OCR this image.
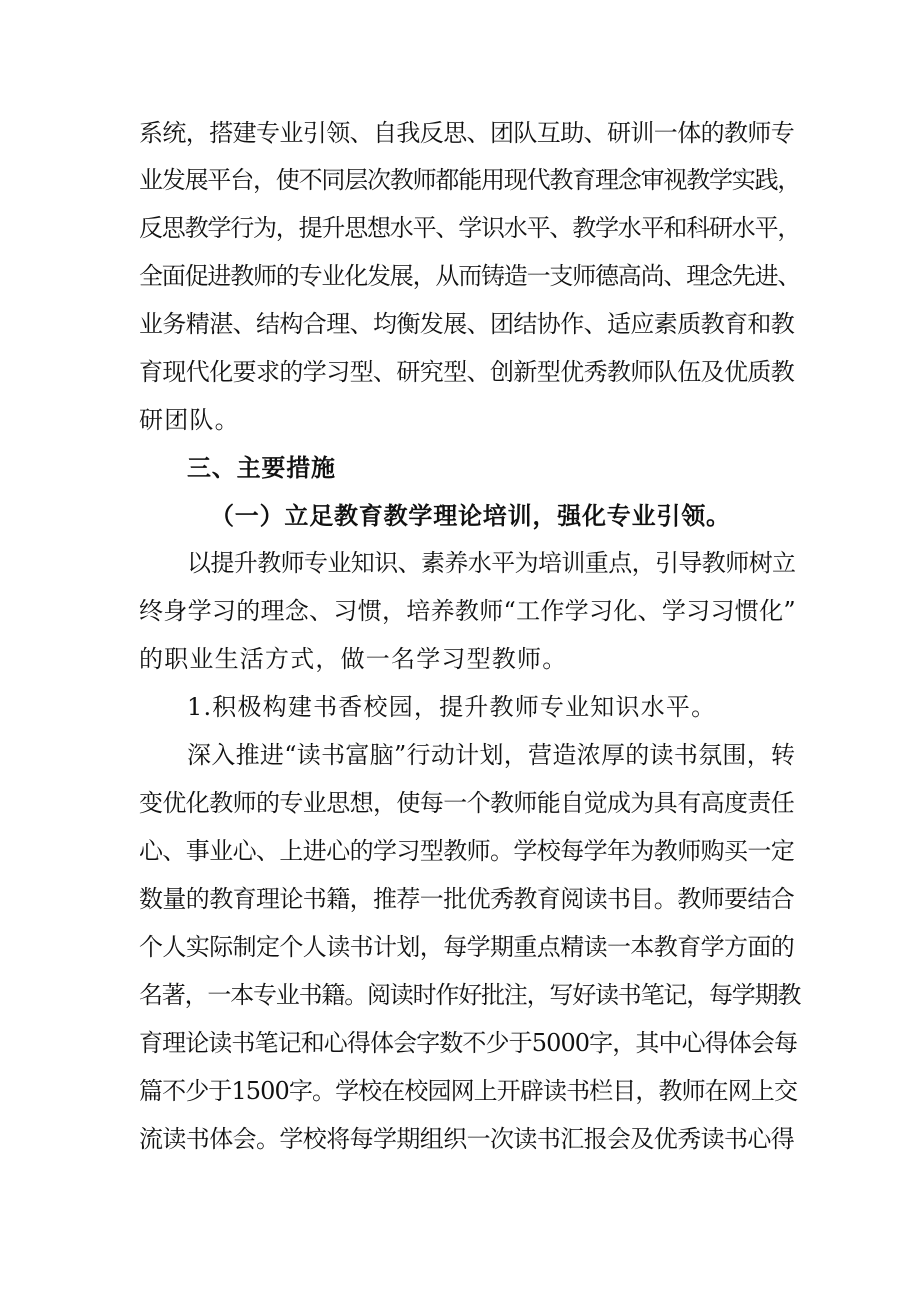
系统，搭建专业引领、自我反思、团队互助、研训一体的教师专
业发展平台，使不同层次教师都能用现代教育理念审视教学实践，
反思教学行为，提升思想水平、学识水平、教学水平和科研水平，
全面促进教师的专业化发展，从而铸造一支师德高尚、理念先进、
业务精湛、结构合理、均衡发展、团结协作、适应素质教育和教
育现代化要求的学习型、研究型、创新型优秀教师队伍及优质教
研团队。
三、主要措施
（一）立足教育教学理论培训，强化专业引领。
以提升教师专业知识、素养水平为培训重点，引导教师树立
终身学习的理念、习惯，培养教师“工作学习化、学习习惯化”
的职业生活方式，做一名学习型教师。
1.积极构建书香校园，提升教师专业知识水平。
深入推进“读书富脑”行动计划，营造浓厚的读书氛围，转
变优化教师的专业思想，使每一个教师能自觉成为具有高度责任
心、事业心、上进心的学习型教师。学校每学年为教师购买一定
数量的教育理论书籍，推荐一批优秀教育阅读书目。教师要结合
个人实际制定个人读书计划，每学期重点精读一本教育学方面的
名著，一本专业书籍。阅读时作好批注，写好读书笔记，每学期教
育理论读书笔记和心得体会字数不少于5000字，其中心得体会每
篇不少于1500字。学校在校园网上开辟读书栏目，教师在网上交
流读书体会。学校将每学期组织一次读书汇报会及优秀读书心得
